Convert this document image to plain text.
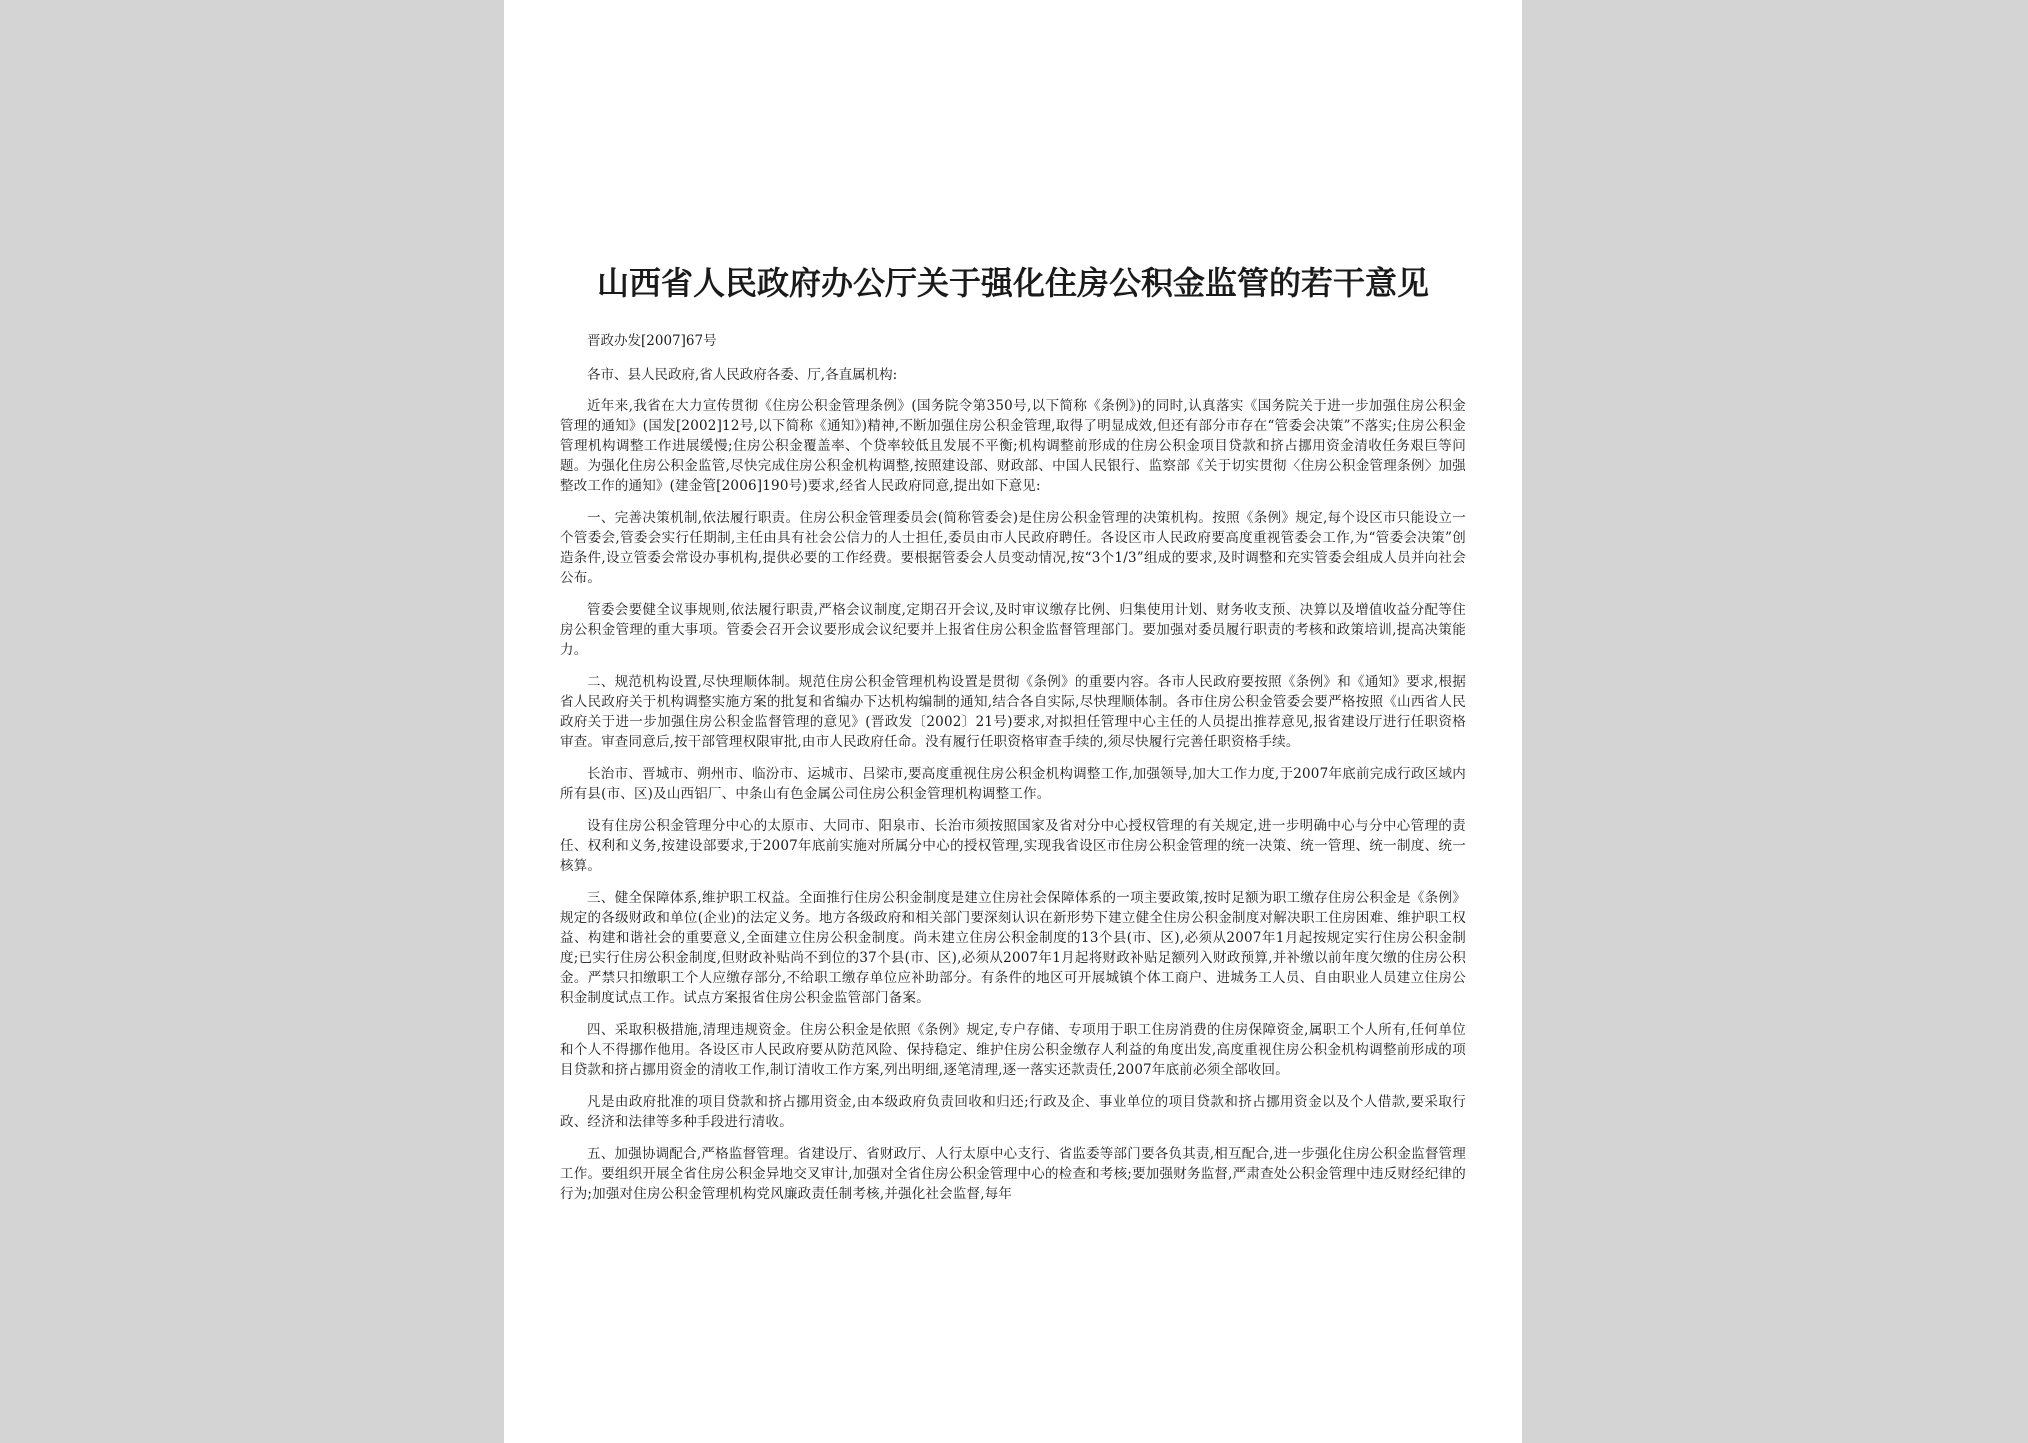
山西省人民政府办公厅关于强化住房公积金监管的若干意见

晋政办发[2007]67号

各市、县人民政府,省人民政府各委、厅,各直属机构:

近年来,我省在大力宣传贯彻《住房公积金管理条例》(国务院令第350号,以下简称《条例》)的同时,认真落实《国务院关于进一步加强住房公积金管理的通知》(国发[2002]12号,以下简称《通知》)精神,不断加强住房公积金管理,取得了明显成效,但还有部分市存在“管委会决策”不落实;住房公积金管理机构调整工作进展缓慢;住房公积金覆盖率、个贷率较低且发展不平衡;机构调整前形成的住房公积金项目贷款和挤占挪用资金清收任务艰巨等问题。为强化住房公积金监管,尽快完成住房公积金机构调整,按照建设部、财政部、中国人民银行、监察部《关于切实贯彻〈住房公积金管理条例〉加强整改工作的通知》(建金管[2006]190号)要求,经省人民政府同意,提出如下意见:

一、完善决策机制,依法履行职责。住房公积金管理委员会(简称管委会)是住房公积金管理的决策机构。按照《条例》规定,每个设区市只能设立一个管委会,管委会实行任期制,主任由具有社会公信力的人士担任,委员由市人民政府聘任。各设区市人民政府要高度重视管委会工作,为“管委会决策”创造条件,设立管委会常设办事机构,提供必要的工作经费。要根据管委会人员变动情况,按“3个1/3”组成的要求,及时调整和充实管委会组成人员并向社会公布。

管委会要健全议事规则,依法履行职责,严格会议制度,定期召开会议,及时审议缴存比例、归集使用计划、财务收支预、决算以及增值收益分配等住房公积金管理的重大事项。管委会召开会议要形成会议纪要并上报省住房公积金监督管理部门。要加强对委员履行职责的考核和政策培训,提高决策能力。

二、规范机构设置,尽快理顺体制。规范住房公积金管理机构设置是贯彻《条例》的重要内容。各市人民政府要按照《条例》和《通知》要求,根据省人民政府关于机构调整实施方案的批复和省编办下达机构编制的通知,结合各自实际,尽快理顺体制。各市住房公积金管委会要严格按照《山西省人民政府关于进一步加强住房公积金监督管理的意见》(晋政发〔2002〕21号)要求,对拟担任管理中心主任的人员提出推荐意见,报省建设厅进行任职资格审查。审查同意后,按干部管理权限审批,由市人民政府任命。没有履行任职资格审查手续的,须尽快履行完善任职资格手续。

长治市、晋城市、朔州市、临汾市、运城市、吕梁市,要高度重视住房公积金机构调整工作,加强领导,加大工作力度,于2007年底前完成行政区域内所有县(市、区)及山西铝厂、中条山有色金属公司住房公积金管理机构调整工作。

设有住房公积金管理分中心的太原市、大同市、阳泉市、长治市须按照国家及省对分中心授权管理的有关规定,进一步明确中心与分中心管理的责任、权利和义务,按建设部要求,于2007年底前实施对所属分中心的授权管理,实现我省设区市住房公积金管理的统一决策、统一管理、统一制度、统一核算。

三、健全保障体系,维护职工权益。全面推行住房公积金制度是建立住房社会保障体系的一项主要政策,按时足额为职工缴存住房公积金是《条例》规定的各级财政和单位(企业)的法定义务。地方各级政府和相关部门要深刻认识在新形势下建立健全住房公积金制度对解决职工住房困难、维护职工权益、构建和谐社会的重要意义,全面建立住房公积金制度。尚未建立住房公积金制度的13个县(市、区),必须从2007年1月起按规定实行住房公积金制度;已实行住房公积金制度,但财政补贴尚不到位的37个县(市、区),必须从2007年1月起将财政补贴足额列入财政预算,并补缴以前年度欠缴的住房公积金。严禁只扣缴职工个人应缴存部分,不给职工缴存单位应补助部分。有条件的地区可开展城镇个体工商户、进城务工人员、自由职业人员建立住房公积金制度试点工作。试点方案报省住房公积金监管部门备案。

四、采取积极措施,清理违规资金。住房公积金是依照《条例》规定,专户存储、专项用于职工住房消费的住房保障资金,属职工个人所有,任何单位和个人不得挪作他用。各设区市人民政府要从防范风险、保持稳定、维护住房公积金缴存人利益的角度出发,高度重视住房公积金机构调整前形成的项目贷款和挤占挪用资金的清收工作,制订清收工作方案,列出明细,逐笔清理,逐一落实还款责任,2007年底前必须全部收回。

凡是由政府批准的项目贷款和挤占挪用资金,由本级政府负责回收和归还;行政及企、事业单位的项目贷款和挤占挪用资金以及个人借款,要采取行政、经济和法律等多种手段进行清收。

五、加强协调配合,严格监督管理。省建设厅、省财政厅、人行太原中心支行、省监委等部门要各负其责,相互配合,进一步强化住房公积金监督管理工作。要组织开展全省住房公积金异地交叉审计,加强对全省住房公积金管理中心的检查和考核;要加强财务监督,严肃查处公积金管理中违反财经纪律的行为;加强对住房公积金管理机构党风廉政责任制考核,并强化社会监督,每年
